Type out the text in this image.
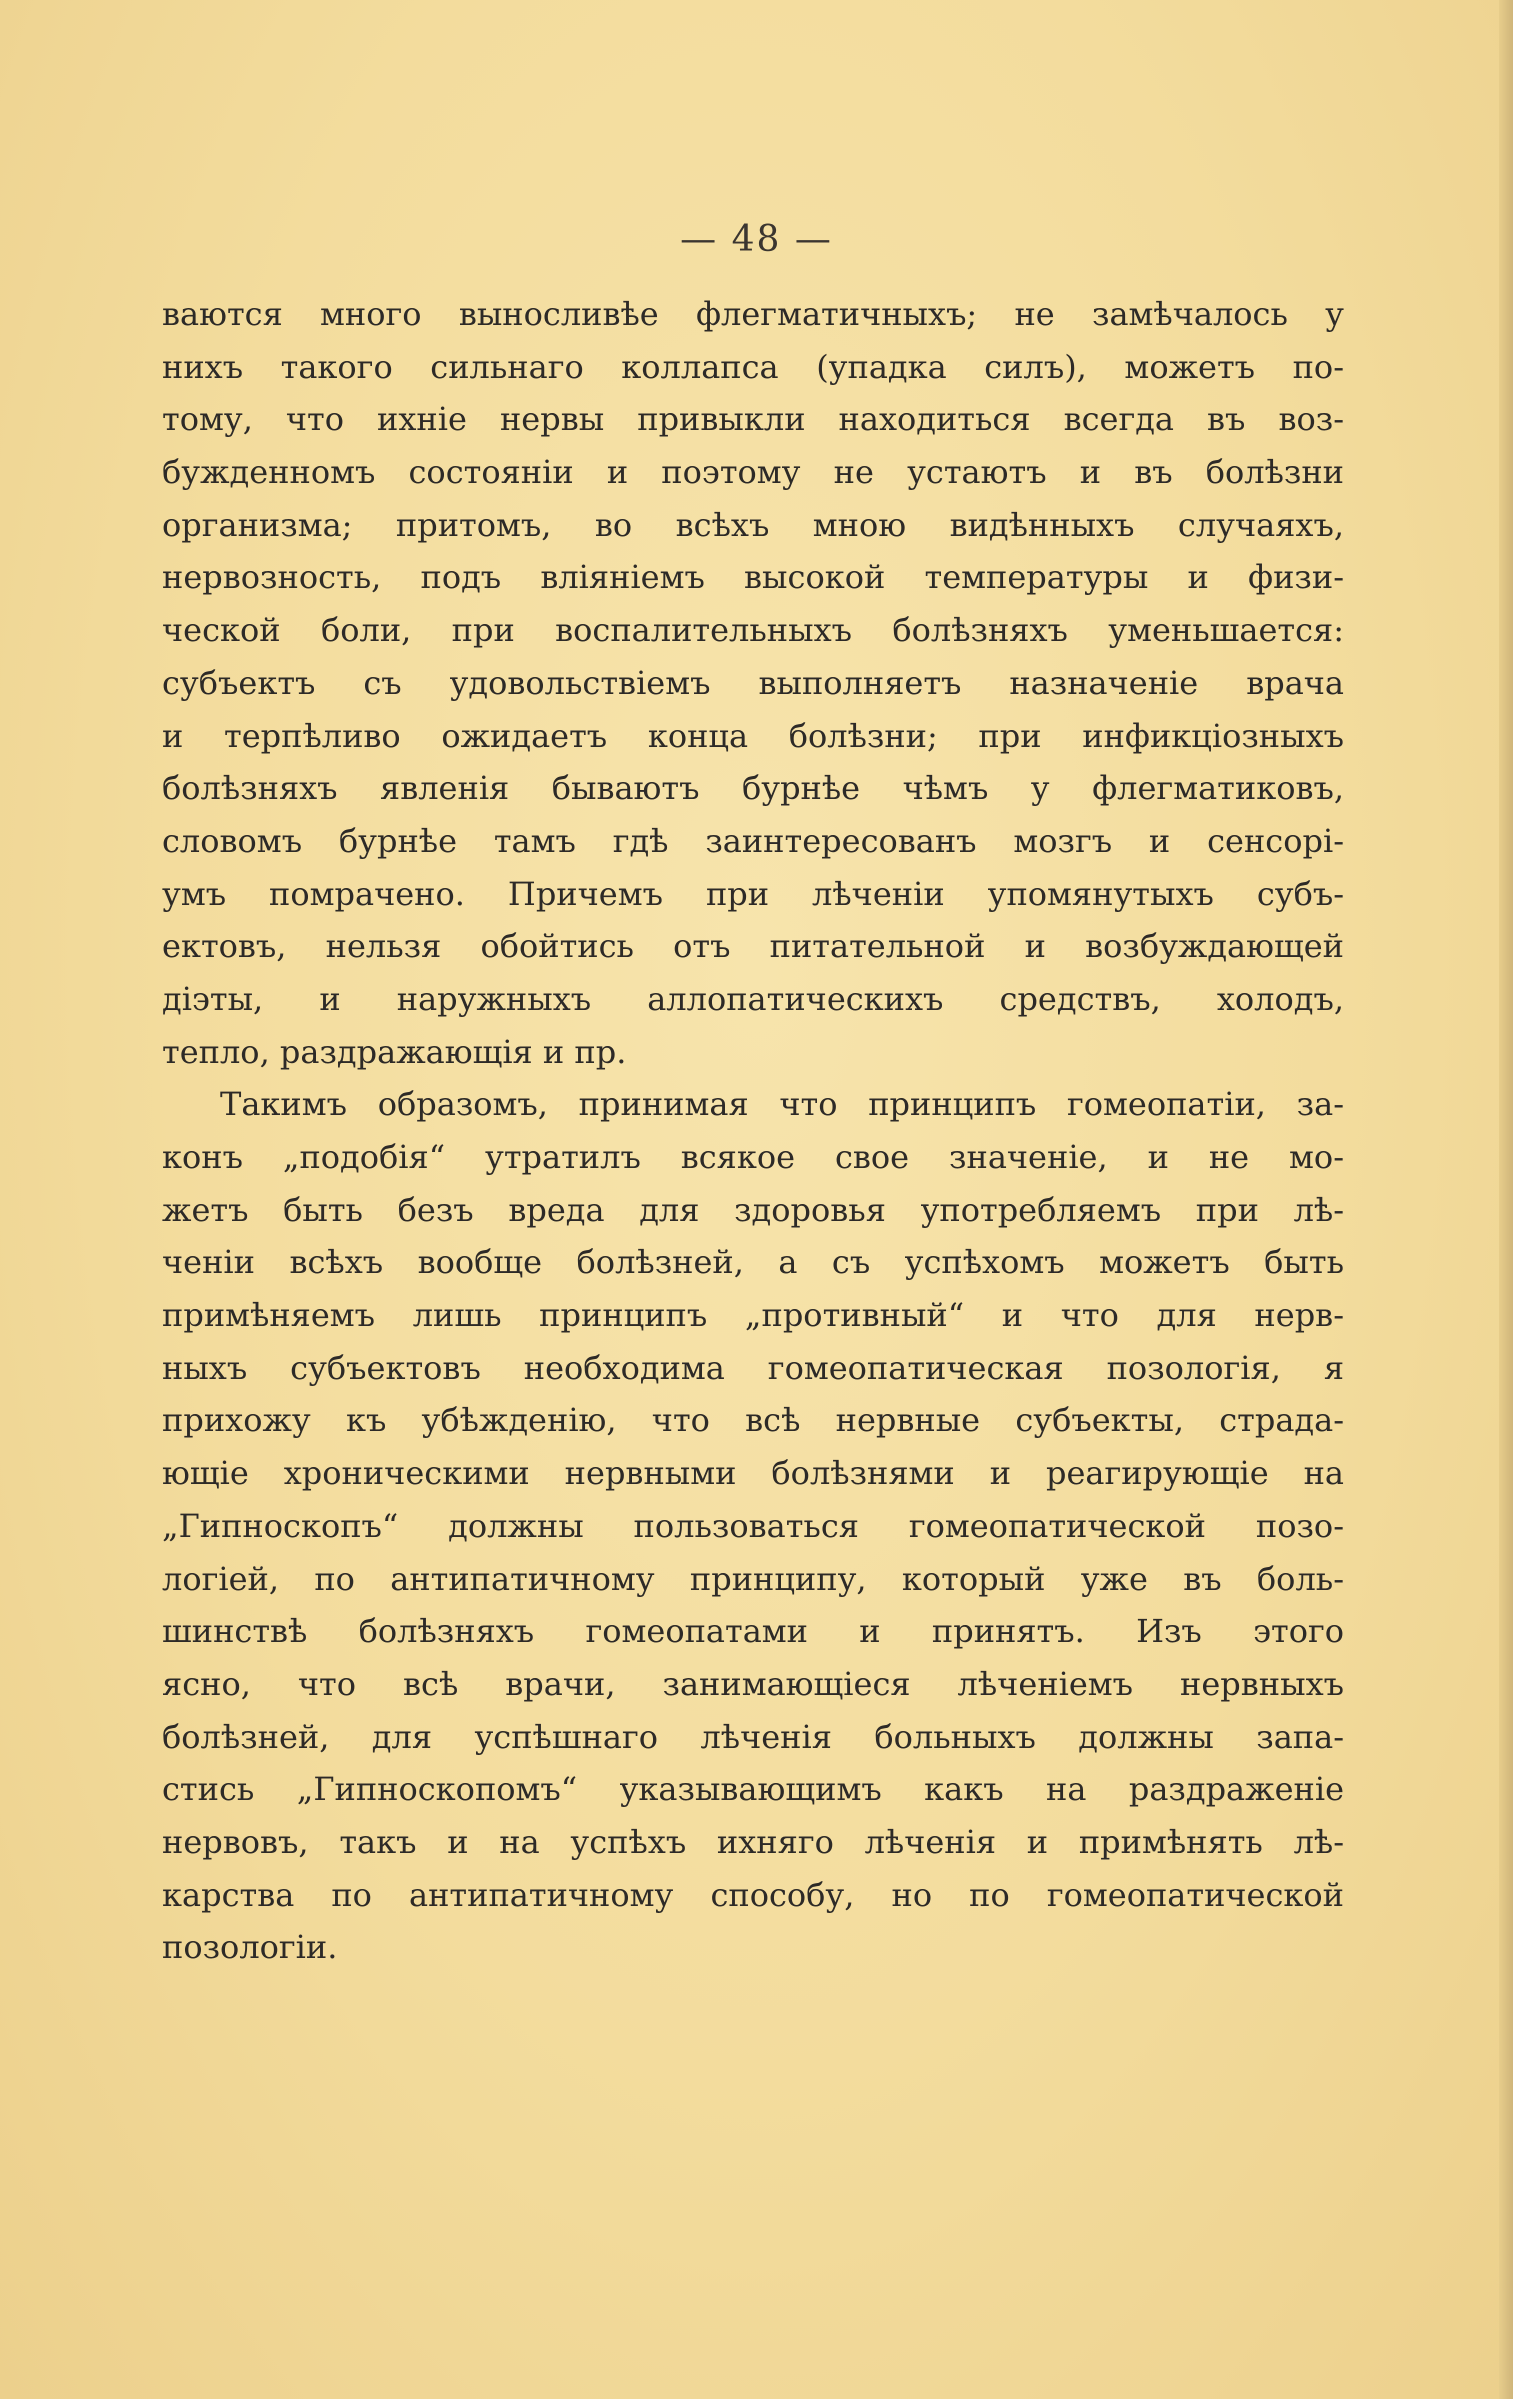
— 48 —
ваются много выносливѣе флегматичныхъ; не замѣчалось у
нихъ такого сильнаго коллапса (упадка силъ), можетъ по-
тому, что ихніе нервы привыкли находиться всегда въ воз-
бужденномъ состояніи и поэтому не устаютъ и въ болѣзни
организма; притомъ, во всѣхъ мною видѣнныхъ случаяхъ,
нервозность, подъ вліяніемъ высокой температуры и физи-
ческой боли, при воспалительныхъ болѣзняхъ уменьшается:
субъектъ съ удовольствіемъ выполняетъ назначеніе врача
и терпѣливо ожидаетъ конца болѣзни; при инфикціозныхъ
болѣзняхъ явленія бываютъ бурнѣе чѣмъ у флегматиковъ,
словомъ бурнѣе тамъ гдѣ заинтересованъ мозгъ и сенсорі-
умъ помрачено. Причемъ при лѣченіи упомянутыхъ субъ-
ектовъ, нельзя обойтись отъ питательной и возбуждающей
діэты, и наружныхъ аллопатическихъ средствъ, холодъ,
тепло, раздражающія и пр.
Такимъ образомъ, принимая что принципъ гомеопатіи, за-
конъ „подобія“ утратилъ всякое свое значеніе, и не мо-
жетъ быть безъ вреда для здоровья употребляемъ при лѣ-
ченіи всѣхъ вообще болѣзней, а съ успѣхомъ можетъ быть
примѣняемъ лишь принципъ „противный“ и что для нерв-
ныхъ субъектовъ необходима гомеопатическая позологія, я
прихожу къ убѣжденію, что всѣ нервные субъекты, страда-
ющіе хроническими нервными болѣзнями и реагирующіе на
„Гипноскопъ“ должны пользоваться гомеопатической позо-
логіей, по антипатичному принципу, который уже въ боль-
шинствѣ болѣзняхъ гомеопатами и принятъ. Изъ этого
ясно, что всѣ врачи, занимающіеся лѣченіемъ нервныхъ
болѣзней, для успѣшнаго лѣченія больныхъ должны запа-
стись „Гипноскопомъ“ указывающимъ какъ на раздраженіе
нервовъ, такъ и на успѣхъ ихняго лѣченія и примѣнять лѣ-
карства по антипатичному способу, но по гомеопатической
позологіи.
